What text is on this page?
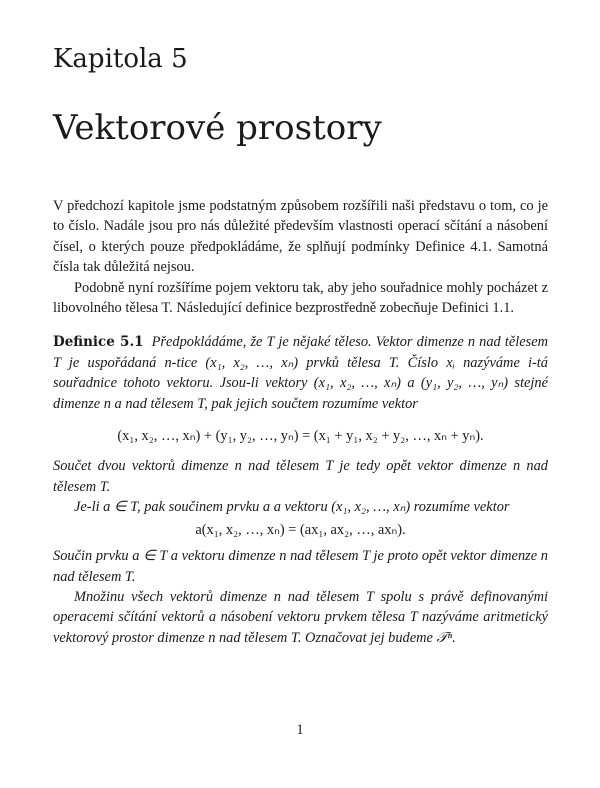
Kapitola 5
Vektorové prostory

V předchozí kapitole jsme podstatným způsobem rozšířili naši představu o tom, co je to číslo. Nadále jsou pro nás důležité především vlastnosti operací sčítání a násobení čísel, o kterých pouze předpokládáme, že splňují podmínky Definice 4.1. Samotná čísla tak důležitá nejsou.

Podobně nyní rozšíříme pojem vektoru tak, aby jeho souřadnice mohly pocházet z libovolného tělesa T. Následující definice bezprostředně zobecňuje Definici 1.1.

Definice 5.1 Předpokládáme, že T je nějaké těleso. Vektor dimenze n nad tělesem T je uspořádaná n-tice (x₁, x₂, …, xₙ) prvků tělesa T. Číslo xᵢ nazýváme i-tá souřadnice tohoto vektoru. Jsou-li vektory (x₁, x₂, …, xₙ) a (y₁, y₂, …, yₙ) stejné dimenze n a nad tělesem T, pak jejich součtem rozumíme vektor

(x₁, x₂, …, xₙ) + (y₁, y₂, …, yₙ) = (x₁ + y₁, x₂ + y₂, …, xₙ + yₙ).

Součet dvou vektorů dimenze n nad tělesem T je tedy opět vektor dimenze n nad tělesem T.

Je-li a ∈ T, pak součinem prvku a a vektoru (x₁, x₂, …, xₙ) rozumíme vektor

a(x₁, x₂, …, xₙ) = (ax₁, ax₂, …, axₙ).

Součin prvku a ∈ T a vektoru dimenze n nad tělesem T je proto opět vektor dimenze n nad tělesem T.

Množinu všech vektorů dimenze n nad tělesem T spolu s právě definovanými operacemi sčítání vektorů a násobení vektoru prvkem tělesa T nazýváme aritmetický vektorový prostor dimenze n nad tělesem T. Označovat jej budeme 𝒯ⁿ.

1
